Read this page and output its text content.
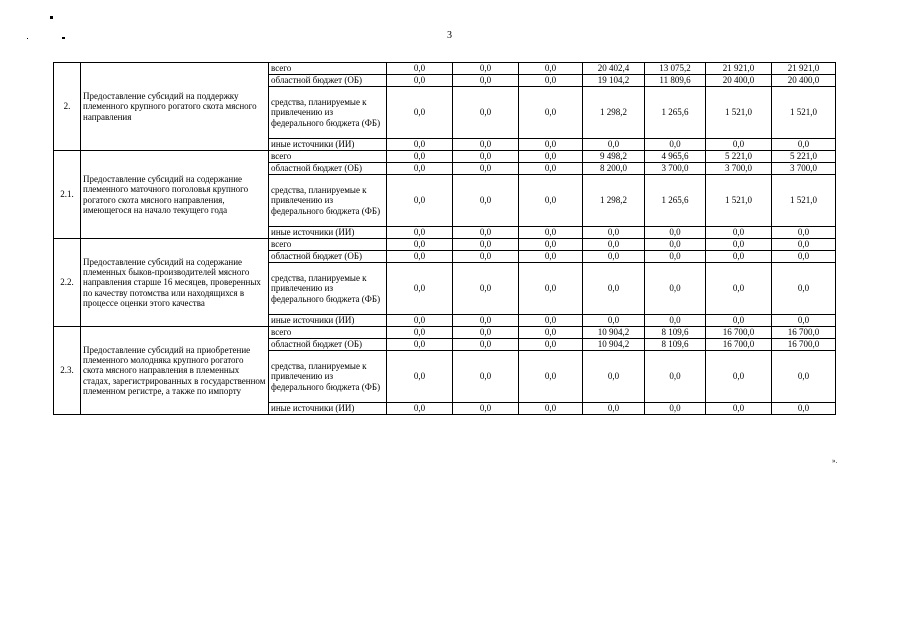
3
2.	Предоставление субсидий на поддержку племенного крупного рогатого скота мясного направления	всего	0,0	0,0	0,0	20 402,4	13 075,2	21 921,0	21 921,0
		областной бюджет (ОБ)	0,0	0,0	0,0	19 104,2	11 809,6	20 400,0	20 400,0
		средства, планируемые к привлечению из федерального бюджета (ФБ)	0,0	0,0	0,0	1 298,2	1 265,6	1 521,0	1 521,0
		иные источники (ИИ)	0,0	0,0	0,0	0,0	0,0	0,0	0,0
2.1.	Предоставление субсидий на содержание племенного маточного поголовья крупного рогатого скота мясного направления, имеющегося на начало текущего года	всего	0,0	0,0	0,0	9 498,2	4 965,6	5 221,0	5 221,0
		областной бюджет (ОБ)	0,0	0,0	0,0	8 200,0	3 700,0	3 700,0	3 700,0
		средства, планируемые к привлечению из федерального бюджета (ФБ)	0,0	0,0	0,0	1 298,2	1 265,6	1 521,0	1 521,0
		иные источники (ИИ)	0,0	0,0	0,0	0,0	0,0	0,0	0,0
2.2.	Предоставление субсидий на содержание племенных быков-производителей мясного направления старше 16 месяцев, проверенных по качеству потомства или находящихся в процессе оценки этого качества	всего	0,0	0,0	0,0	0,0	0,0	0,0	0,0
		областной бюджет (ОБ)	0,0	0,0	0,0	0,0	0,0	0,0	0,0
		средства, планируемые к привлечению из федерального бюджета (ФБ)	0,0	0,0	0,0	0,0	0,0	0,0	0,0
		иные источники (ИИ)	0,0	0,0	0,0	0,0	0,0	0,0	0,0
2.3.	Предоставление субсидий на приобретение племенного молодняка крупного рогатого скота мясного направления в племенных стадах, зарегистрированных в государственном племенном регистре, а также по импорту	всего	0,0	0,0	0,0	10 904,2	8 109,6	16 700,0	16 700,0
		областной бюджет (ОБ)	0,0	0,0	0,0	10 904,2	8 109,6	16 700,0	16 700,0
		средства, планируемые к привлечению из федерального бюджета (ФБ)	0,0	0,0	0,0	0,0	0,0	0,0	0,0
		иные источники (ИИ)	0,0	0,0	0,0	0,0	0,0	0,0	0,0
».
